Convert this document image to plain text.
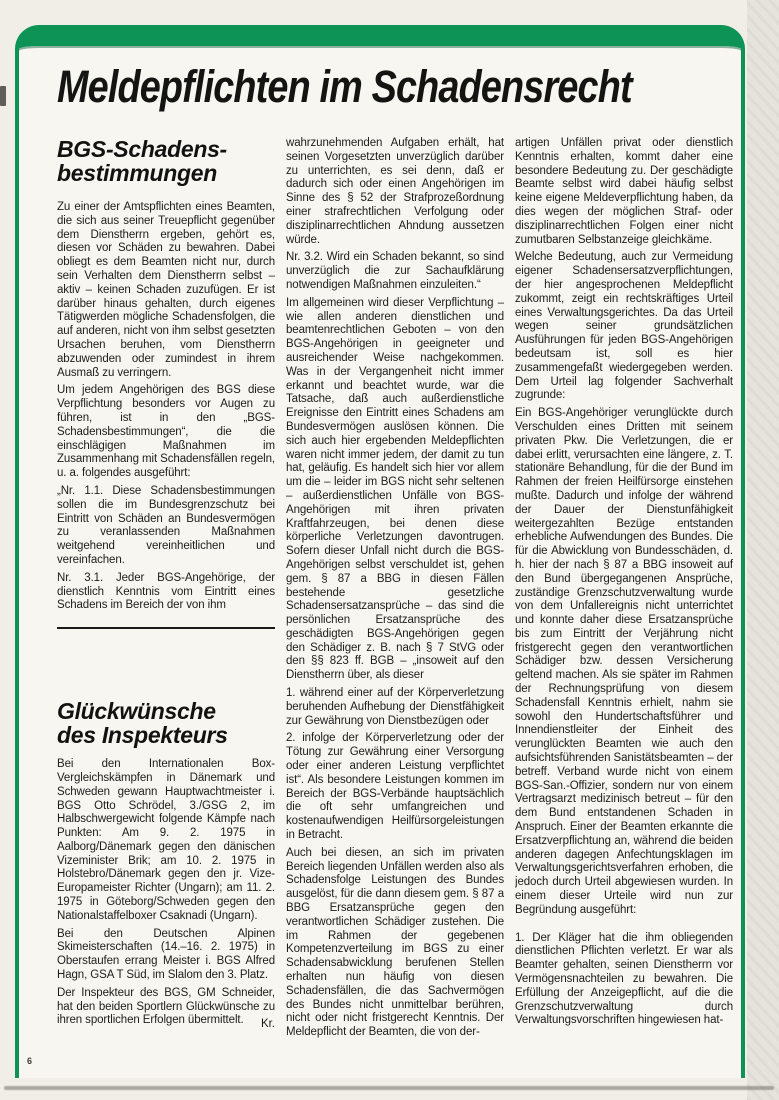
Meldepflichten im Schadensrecht
BGS-Schadens-
bestimmungen

Zu einer der Amtspflichten eines Beamten, die sich aus seiner Treuepflicht gegenüber dem Dienstherrn ergeben, gehört es, diesen vor Schäden zu bewahren. Dabei obliegt es dem Beamten nicht nur, durch sein Verhalten dem Dienstherrn selbst – aktiv – keinen Schaden zuzufügen. Er ist darüber hinaus gehalten, durch eigenes Tätigwerden mögliche Schadensfolgen, die auf anderen, nicht von ihm selbst gesetzten Ursachen beruhen, vom Dienstherrn abzuwenden oder zumindest in ihrem Ausmaß zu verringern.

Um jedem Angehörigen des BGS diese Verpflichtung besonders vor Augen zu führen, ist in den „BGS-Schadensbestimmungen“, die die einschlägigen Maßnahmen im Zusammenhang mit Schadensfällen regeln, u. a. folgendes ausgeführt:

„Nr. 1.1. Diese Schadensbestimmungen sollen die im Bundesgrenzschutz bei Eintritt von Schäden an Bundesvermögen zu veranlassenden Maßnahmen weitgehend vereinheitlichen und vereinfachen.

Nr. 3.1. Jeder BGS-Angehörige, der dienstlich Kenntnis vom Eintritt eines Schadens im Bereich der von ihm

Glückwünsche
des Inspekteurs

Bei den Internationalen Box-Vergleichskämpfen in Dänemark und Schweden gewann Hauptwachtmeister i. BGS Otto Schrödel, 3./GSG 2, im Halbschwergewicht folgende Kämpfe nach Punkten: Am 9. 2. 1975 in Aalborg/Dänemark gegen den dänischen Vizeminister Brik; am 10. 2. 1975 in Holstebro/Dänemark gegen den jr. Vize-Europameister Richter (Ungarn); am 11. 2. 1975 in Göteborg/Schweden gegen den Nationalstaffelboxer Csaknadi (Ungarn).

Bei den Deutschen Alpinen Skimeisterschaften (14.–16. 2. 1975) in Oberstaufen errang Meister i. BGS Alfred Hagn, GSA T Süd, im Slalom den 3. Platz.

Der Inspekteur des BGS, GM Schneider, hat den beiden Sportlern Glückwünsche zu ihren sportlichen Erfolgen übermittelt.	Kr.

wahrzunehmenden Aufgaben erhält, hat seinen Vorgesetzten unverzüglich darüber zu unterrichten, es sei denn, daß er dadurch sich oder einen Angehörigen im Sinne des § 52 der Strafprozeßordnung einer strafrechtlichen Verfolgung oder disziplinarrechtlichen Ahndung aussetzen würde.

Nr. 3.2. Wird ein Schaden bekannt, so sind unverzüglich die zur Sachaufklärung notwendigen Maßnahmen einzuleiten.“

Im allgemeinen wird dieser Verpflichtung – wie allen anderen dienstlichen und beamtenrechtlichen Geboten – von den BGS-Angehörigen in geeigneter und ausreichender Weise nachgekommen. Was in der Vergangenheit nicht immer erkannt und beachtet wurde, war die Tatsache, daß auch außerdienstliche Ereignisse den Eintritt eines Schadens am Bundesvermögen auslösen können. Die sich auch hier ergebenden Meldepflichten waren nicht immer jedem, der damit zu tun hat, geläufig. Es handelt sich hier vor allem um die – leider im BGS nicht sehr seltenen – außerdienstlichen Unfälle von BGS-Angehörigen mit ihren privaten Kraftfahrzeugen, bei denen diese körperliche Verletzungen davontrugen. Sofern dieser Unfall nicht durch die BGS-Angehörigen selbst verschuldet ist, gehen gem. § 87 a BBG in diesen Fällen bestehende gesetzliche Schadensersatzansprüche – das sind die persönlichen Ersatzansprüche des geschädigten BGS-Angehörigen gegen den Schädiger z. B. nach § 7 StVG oder den §§ 823 ff. BGB – „insoweit auf den Dienstherrn über, als dieser

1. während einer auf der Körperverletzung beruhenden Aufhebung der Dienstfähigkeit zur Gewährung von Dienstbezügen oder

2. infolge der Körperverletzung oder der Tötung zur Gewährung einer Versorgung oder einer anderen Leistung verpflichtet ist“. Als besondere Leistungen kommen im Bereich der BGS-Verbände hauptsächlich die oft sehr umfangreichen und kostenaufwendigen Heilfürsorgeleistungen in Betracht.

Auch bei diesen, an sich im privaten Bereich liegenden Unfällen werden also als Schadensfolge Leistungen des Bundes ausgelöst, für die dann diesem gem. § 87 a BBG Ersatzansprüche gegen den verantwortlichen Schädiger zustehen. Die im Rahmen der gegebenen Kompetenzverteilung im BGS zu einer Schadensabwicklung berufenen Stellen erhalten nun häufig von diesen Schadensfällen, die das Sachvermögen des Bundes nicht unmittelbar berühren, nicht oder nicht fristgerecht Kenntnis. Der Meldepflicht der Beamten, die von der-

artigen Unfällen privat oder dienstlich Kenntnis erhalten, kommt daher eine besondere Bedeutung zu. Der geschädigte Beamte selbst wird dabei häufig selbst keine eigene Meldeverpflichtung haben, da dies wegen der möglichen Straf- oder disziplinarrechtlichen Folgen einer nicht zumutbaren Selbstanzeige gleichkäme.

Welche Bedeutung, auch zur Vermeidung eigener Schadensersatzverpflichtungen, der hier angesprochenen Meldepflicht zukommt, zeigt ein rechtskräftiges Urteil eines Verwaltungsgerichtes. Da das Urteil wegen seiner grundsätzlichen Ausführungen für jeden BGS-Angehörigen bedeutsam ist, soll es hier zusammengefaßt wiedergegeben werden. Dem Urteil lag folgender Sachverhalt zugrunde:

Ein BGS-Angehöriger verunglückte durch Verschulden eines Dritten mit seinem privaten Pkw. Die Verletzungen, die er dabei erlitt, verursachten eine längere, z. T. stationäre Behandlung, für die der Bund im Rahmen der freien Heilfürsorge einstehen mußte. Dadurch und infolge der während der Dauer der Dienstunfähigkeit weitergezahlten Bezüge entstanden erhebliche Aufwendungen des Bundes. Die für die Abwicklung von Bundesschäden, d. h. hier der nach § 87 a BBG insoweit auf den Bund übergegangenen Ansprüche, zuständige Grenzschutzverwaltung wurde von dem Unfallereignis nicht unterrichtet und konnte daher diese Ersatzansprüche bis zum Eintritt der Verjährung nicht fristgerecht gegen den verantwortlichen Schädiger bzw. dessen Versicherung geltend machen. Als sie später im Rahmen der Rechnungsprüfung von diesem Schadensfall Kenntnis erhielt, nahm sie sowohl den Hundertschaftsführer und Innendienstleiter der Einheit des verunglückten Beamten wie auch den aufsichtsführenden Sanistätsbeamten – der betreff. Verband wurde nicht von einem BGS-San.-Offizier, sondern nur von einem Vertragsarzt medizinisch betreut – für den dem Bund entstandenen Schaden in Anspruch. Einer der Beamten erkannte die Ersatzverpflichtung an, während die beiden anderen dagegen Anfechtungsklagen im Verwaltungsgerichtsverfahren erhoben, die jedoch durch Urteil abgewiesen wurden. In einem dieser Urteile wird nun zur Begründung ausgeführt:

1. Der Kläger hat die ihm obliegenden dienstlichen Pflichten verletzt. Er war als Beamter gehalten, seinen Dienstherrn vor Vermögensnachteilen zu bewahren. Die Erfüllung der Anzeigepflicht, auf die die Grenzschutzverwaltung durch Verwaltungsvorschriften hingewiesen hat-

6
